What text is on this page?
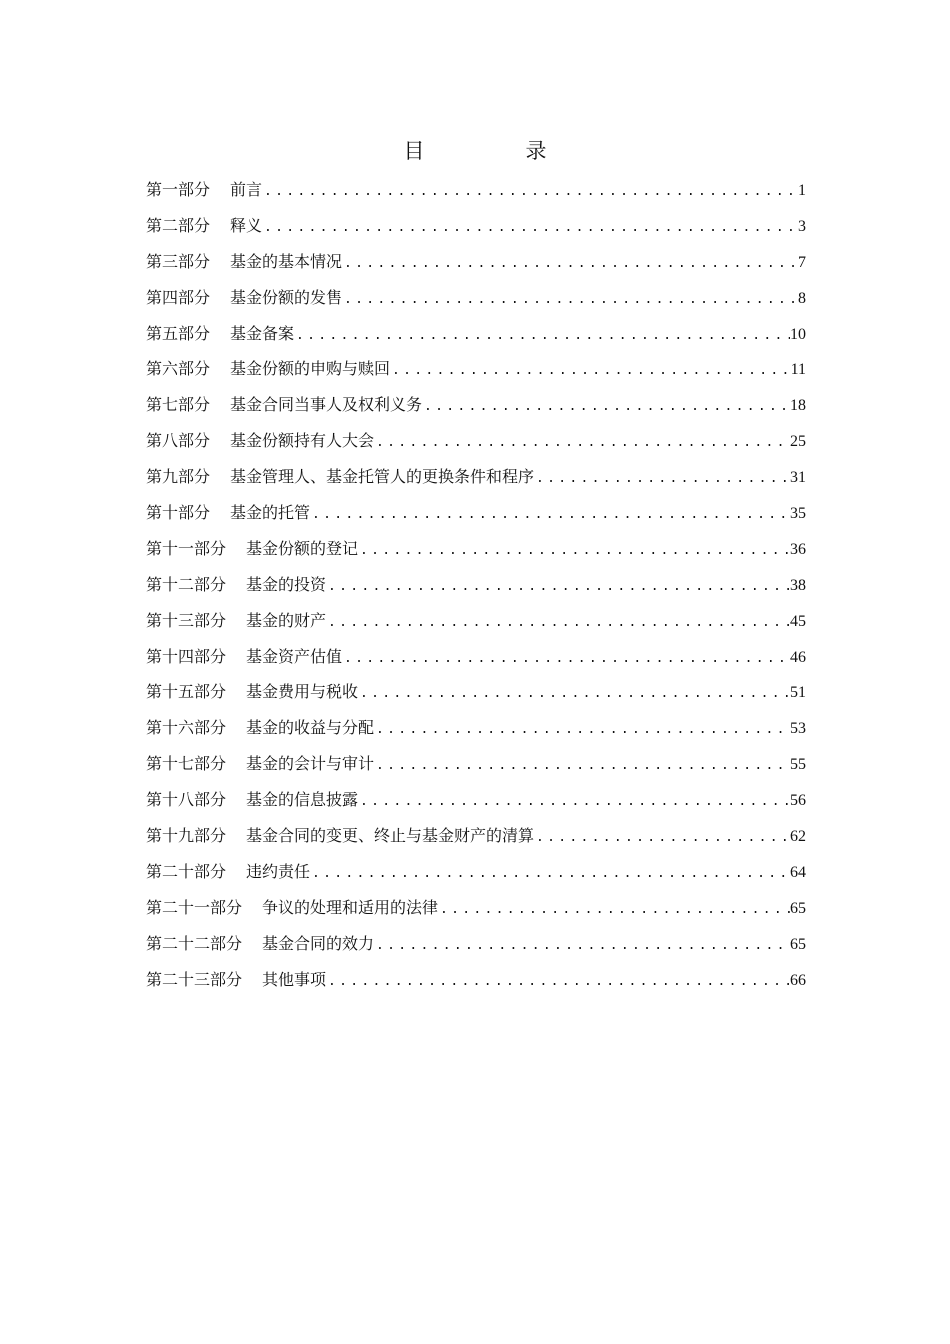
目　录
第一部分	前言 .....	1
第二部分	释义 .....	3
第三部分	基金的基本情况 .....	7
第四部分	基金份额的发售 .....	8
第五部分	基金备案 .....	10
第六部分	基金份额的申购与赎回 .....	11
第七部分	基金合同当事人及权利义务 .....	18
第八部分	基金份额持有人大会 .....	25
第九部分	基金管理人、基金托管人的更换条件和程序 .....	31
第十部分	基金的托管 .....	35
第十一部分	基金份额的登记 .....	36
第十二部分	基金的投资 .....	38
第十三部分	基金的财产 .....	45
第十四部分	基金资产估值 .....	46
第十五部分	基金费用与税收 .....	51
第十六部分	基金的收益与分配 .....	53
第十七部分	基金的会计与审计 .....	55
第十八部分	基金的信息披露 .....	56
第十九部分	基金合同的变更、终止与基金财产的清算 .....	62
第二十部分	违约责任 .....	64
第二十一部分	争议的处理和适用的法律 .....	65
第二十二部分	基金合同的效力 .....	65
第二十三部分	其他事项 .....	66
